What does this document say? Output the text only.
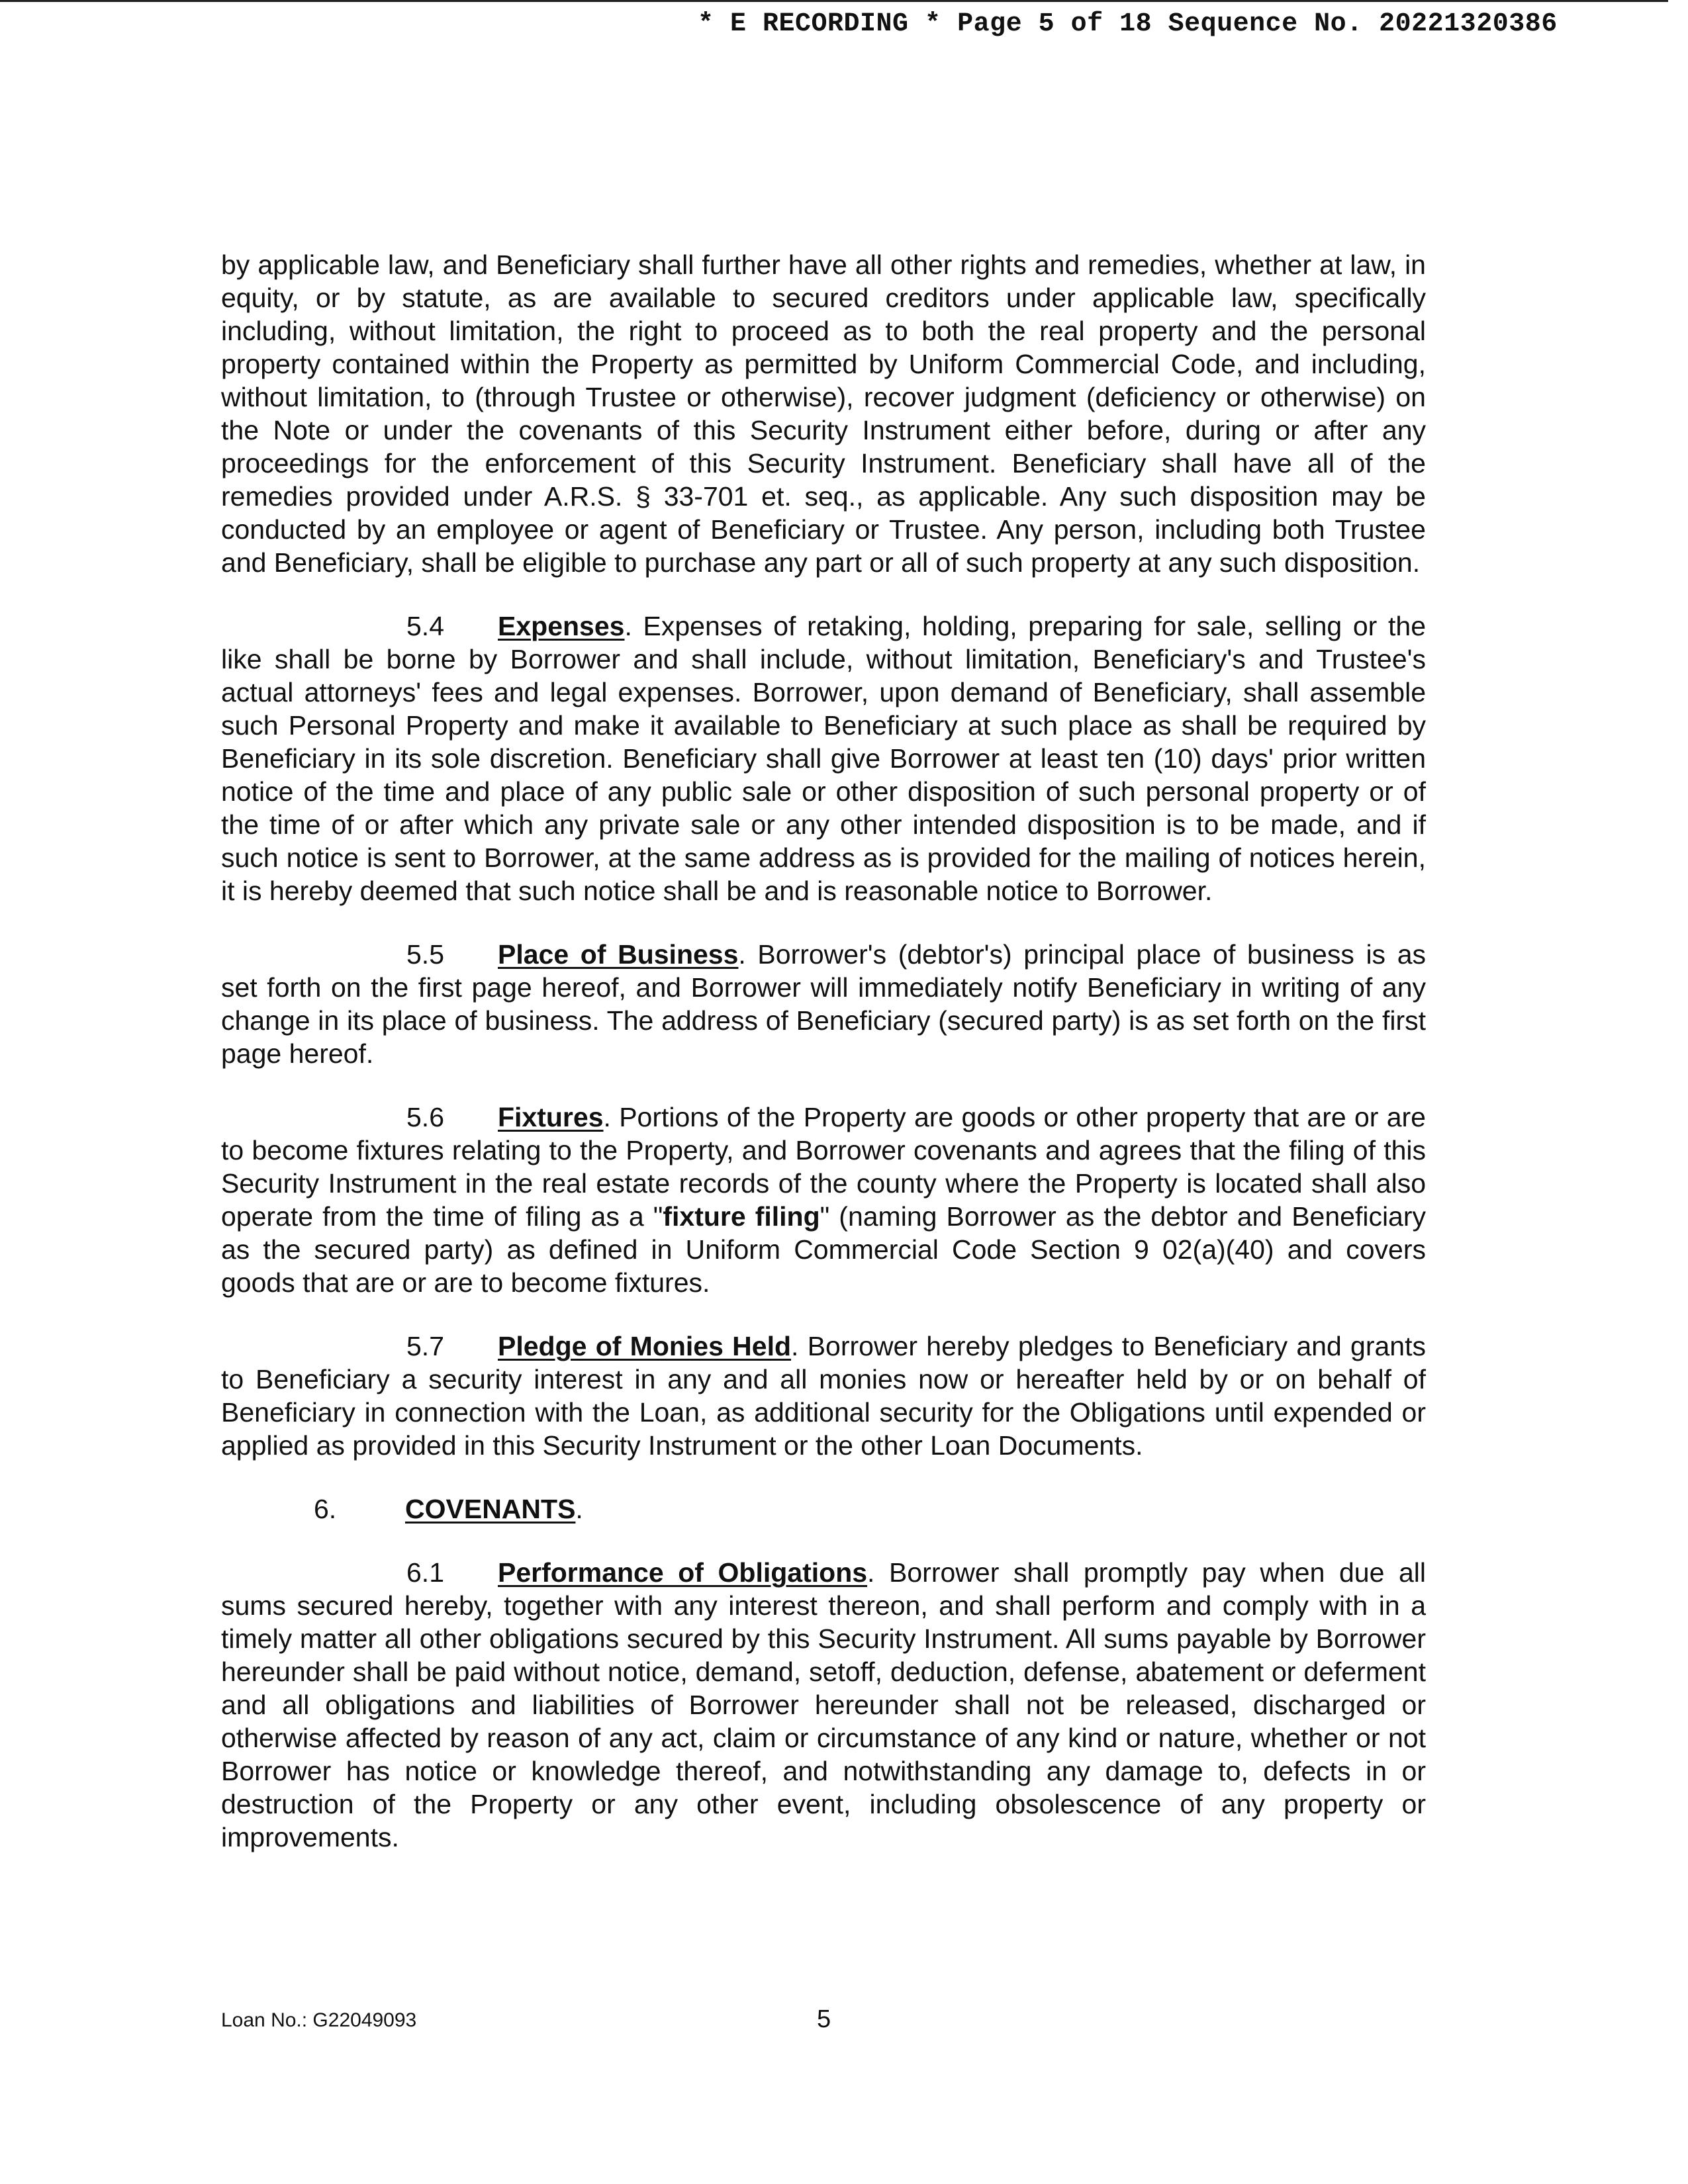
* E RECORDING * Page 5 of 18 Sequence No. 20221320386

by applicable law, and Beneficiary shall further have all other rights and remedies, whether at law, in equity, or by statute, as are available to secured creditors under applicable law, specifically including, without limitation, the right to proceed as to both the real property and the personal property contained within the Property as permitted by Uniform Commercial Code, and including, without limitation, to (through Trustee or otherwise), recover judgment (deficiency or otherwise) on the Note or under the covenants of this Security Instrument either before, during or after any proceedings for the enforcement of this Security Instrument. Beneficiary shall have all of the remedies provided under A.R.S. § 33-701 et. seq., as applicable. Any such disposition may be conducted by an employee or agent of Beneficiary or Trustee. Any person, including both Trustee and Beneficiary, shall be eligible to purchase any part or all of such property at any such disposition.

5.4 Expenses. Expenses of retaking, holding, preparing for sale, selling or the like shall be borne by Borrower and shall include, without limitation, Beneficiary's and Trustee's actual attorneys' fees and legal expenses. Borrower, upon demand of Beneficiary, shall assemble such Personal Property and make it available to Beneficiary at such place as shall be required by Beneficiary in its sole discretion. Beneficiary shall give Borrower at least ten (10) days' prior written notice of the time and place of any public sale or other disposition of such personal property or of the time of or after which any private sale or any other intended disposition is to be made, and if such notice is sent to Borrower, at the same address as is provided for the mailing of notices herein, it is hereby deemed that such notice shall be and is reasonable notice to Borrower.

5.5 Place of Business. Borrower's (debtor's) principal place of business is as set forth on the first page hereof, and Borrower will immediately notify Beneficiary in writing of any change in its place of business. The address of Beneficiary (secured party) is as set forth on the first page hereof.

5.6 Fixtures. Portions of the Property are goods or other property that are or are to become fixtures relating to the Property, and Borrower covenants and agrees that the filing of this Security Instrument in the real estate records of the county where the Property is located shall also operate from the time of filing as a "fixture filing" (naming Borrower as the debtor and Beneficiary as the secured party) as defined in Uniform Commercial Code Section 9 02(a)(40) and covers goods that are or are to become fixtures.

5.7 Pledge of Monies Held. Borrower hereby pledges to Beneficiary and grants to Beneficiary a security interest in any and all monies now or hereafter held by or on behalf of Beneficiary in connection with the Loan, as additional security for the Obligations until expended or applied as provided in this Security Instrument or the other Loan Documents.

6.	COVENANTS.

6.1 Performance of Obligations. Borrower shall promptly pay when due all sums secured hereby, together with any interest thereon, and shall perform and comply with in a timely matter all other obligations secured by this Security Instrument. All sums payable by Borrower hereunder shall be paid without notice, demand, setoff, deduction, defense, abatement or deferment and all obligations and liabilities of Borrower hereunder shall not be released, discharged or otherwise affected by reason of any act, claim or circumstance of any kind or nature, whether or not Borrower has notice or knowledge thereof, and notwithstanding any damage to, defects in or destruction of the Property or any other event, including obsolescence of any property or improvements.

Loan No.: G22049093	5
